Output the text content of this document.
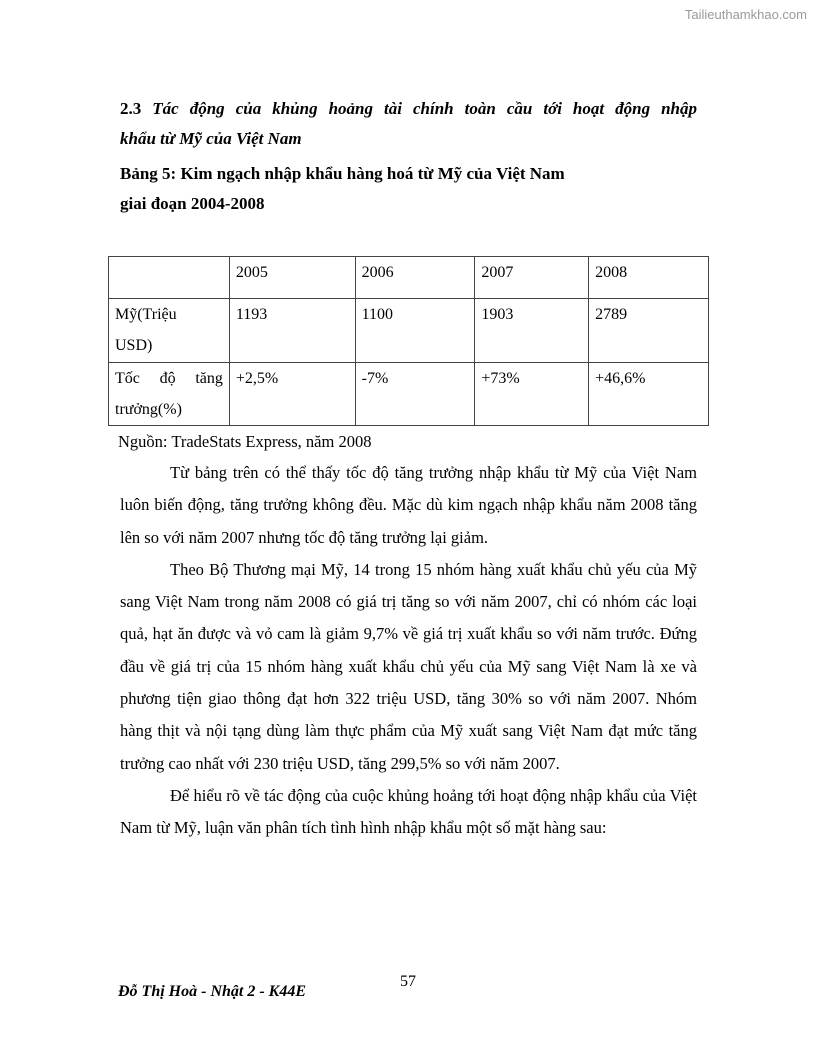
Tailieuthamkhao.com
2.3 Tác động của khủng hoảng tài chính toàn cầu tới hoạt động nhập
khẩu từ Mỹ của Việt Nam
Bảng 5: Kim ngạch nhập khẩu hàng hoá từ Mỹ của Việt Nam
giai đoạn 2004-2008
	2005	2006	2007	2008

Mỹ(Triệu
USD)	1193	1100	1903	2789

Tốc độ tăng
trưởng(%)	+2,5%	-7%	+73%	+46,6%
Nguồn: TradeStats Express, năm 2008

Từ bảng trên có thể thấy tốc độ tăng trưởng nhập khẩu từ Mỹ của Việt Nam luôn biến động, tăng trưởng không đều. Mặc dù kim ngạch nhập khẩu năm 2008 tăng lên so với năm 2007 nhưng tốc độ tăng trưởng lại giảm.

Theo Bộ Thương mại Mỹ, 14 trong 15 nhóm hàng xuất khẩu chủ yếu của Mỹ sang Việt Nam trong năm 2008 có giá trị tăng so với năm 2007, chỉ có nhóm các loại quả, hạt ăn được và vỏ cam là giảm 9,7% về giá trị xuất khẩu so với năm trước. Đứng đầu về giá trị của 15 nhóm hàng xuất khẩu chủ yếu của Mỹ sang Việt Nam là xe và phương tiện giao thông đạt hơn 322 triệu USD, tăng 30% so với năm 2007. Nhóm hàng thịt và nội tạng dùng làm thực phẩm của Mỹ xuất sang Việt Nam đạt mức tăng trưởng cao nhất với 230 triệu USD, tăng 299,5% so với năm 2007.

Để hiểu rõ về tác động của cuộc khủng hoảng tới hoạt động nhập khẩu của Việt Nam từ Mỹ, luận văn phân tích tình hình nhập khẩu một số mặt hàng sau:

Đỗ Thị Hoà - Nhật 2 - K44E
57
